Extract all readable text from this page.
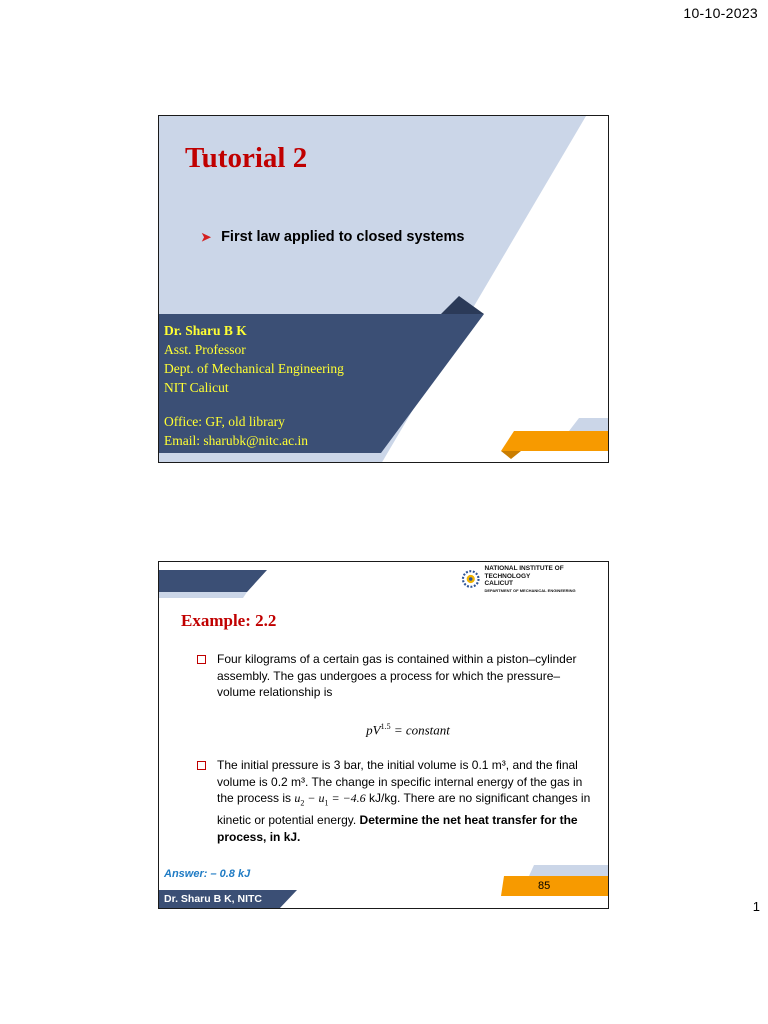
10-10-2023
Tutorial 2
➤ First law applied to closed systems
Dr. Sharu B K
Asst. Professor
Dept. of Mechanical Engineering
NIT Calicut
Office: GF, old library
Email: sharubk@nitc.ac.in
NATIONAL INSTITUTE OF TECHNOLOGY
CALICUT
DEPARTMENT OF MECHANICAL ENGINEERING
Example: 2.2
Four kilograms of a certain gas is contained within a piston–cylinder assembly. The gas undergoes a process for which the pressure–volume relationship is
$pV^{1.5}$ = constant
The initial pressure is 3 bar, the initial volume is 0.1 m³, and the final volume is 0.2 m³. The change in specific internal energy of the gas in the process is $u_2 - u_1 = -4.6$ kJ/kg. There are no significant changes in kinetic or potential energy. Determine the net heat transfer for the process, in kJ.
Answer: – 0.8 kJ
85
Dr. Sharu B K, NITC	1
